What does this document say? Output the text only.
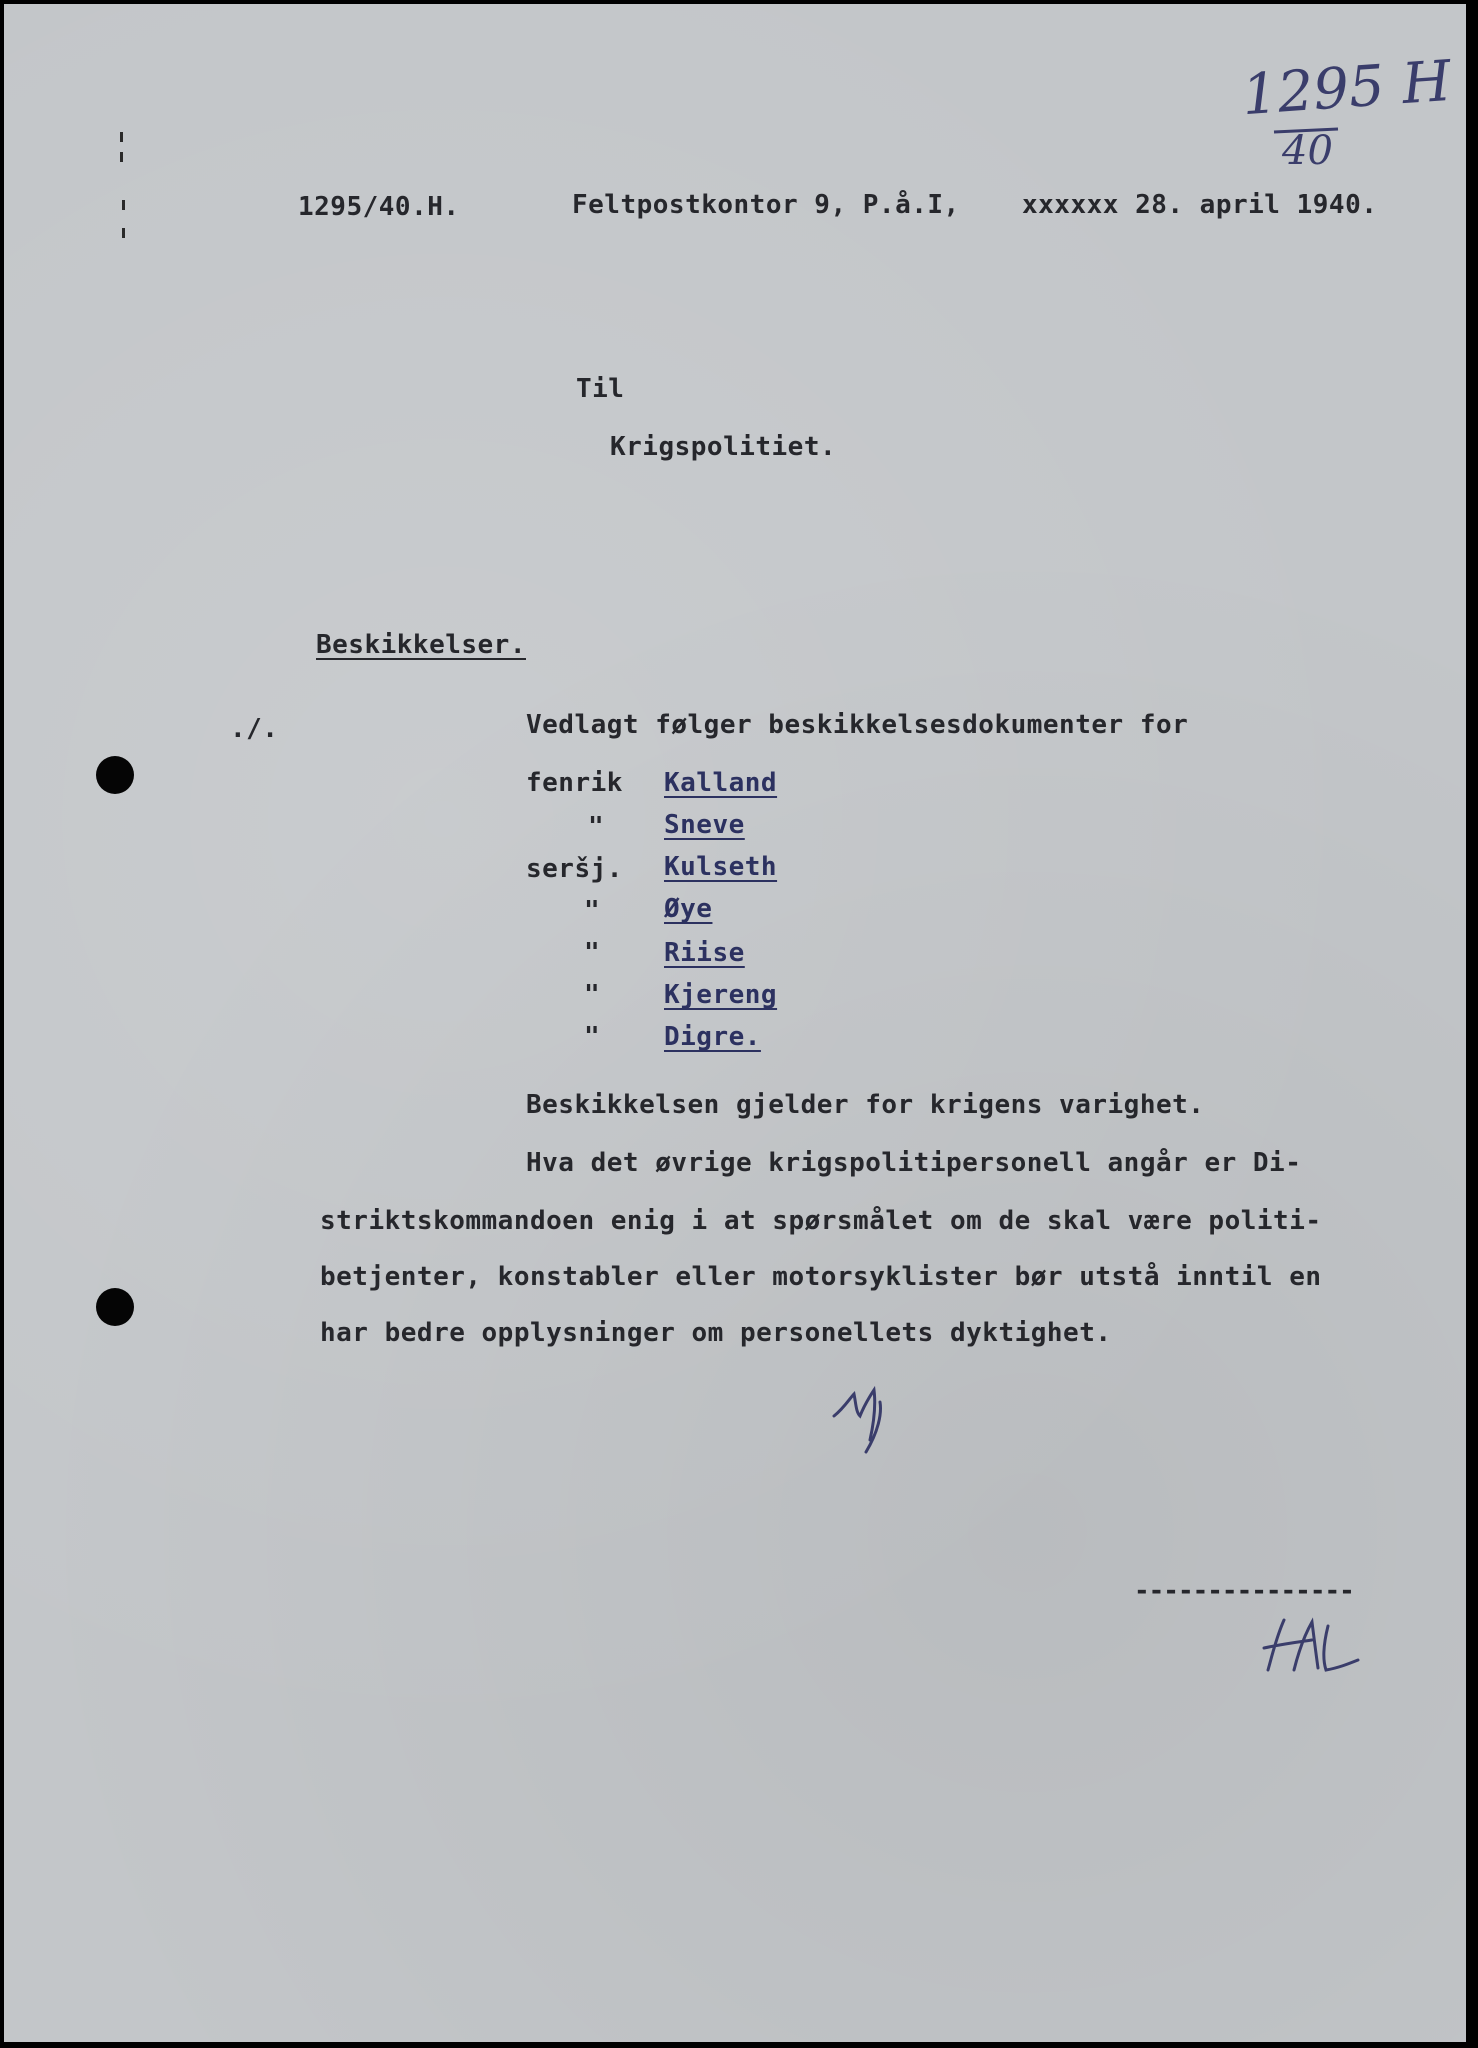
1295 H
40
1295/40.H.	Feltpostkontor 9, P.å.I, xxxxxx 28. april 1940.
Til
Krigspolitiet.
Beskikkelser.
./.	Vedlagt følger beskikkelsesdokumenter for
fenrik Kalland
" Sneve
seršj. Kulseth
" Øye
" Riise
" Kjereng
" Digre.
Beskikkelsen gjelder for krigens varighet.
Hva det øvrige krigspolitipersonell angår er Di-
striktskommandoen enig i at spørsmålet om de skal være politi-
betjenter, konstabler eller motorsyklister bør utstå inntil en
har bedre opplysninger om personellets dyktighet.
---------------
